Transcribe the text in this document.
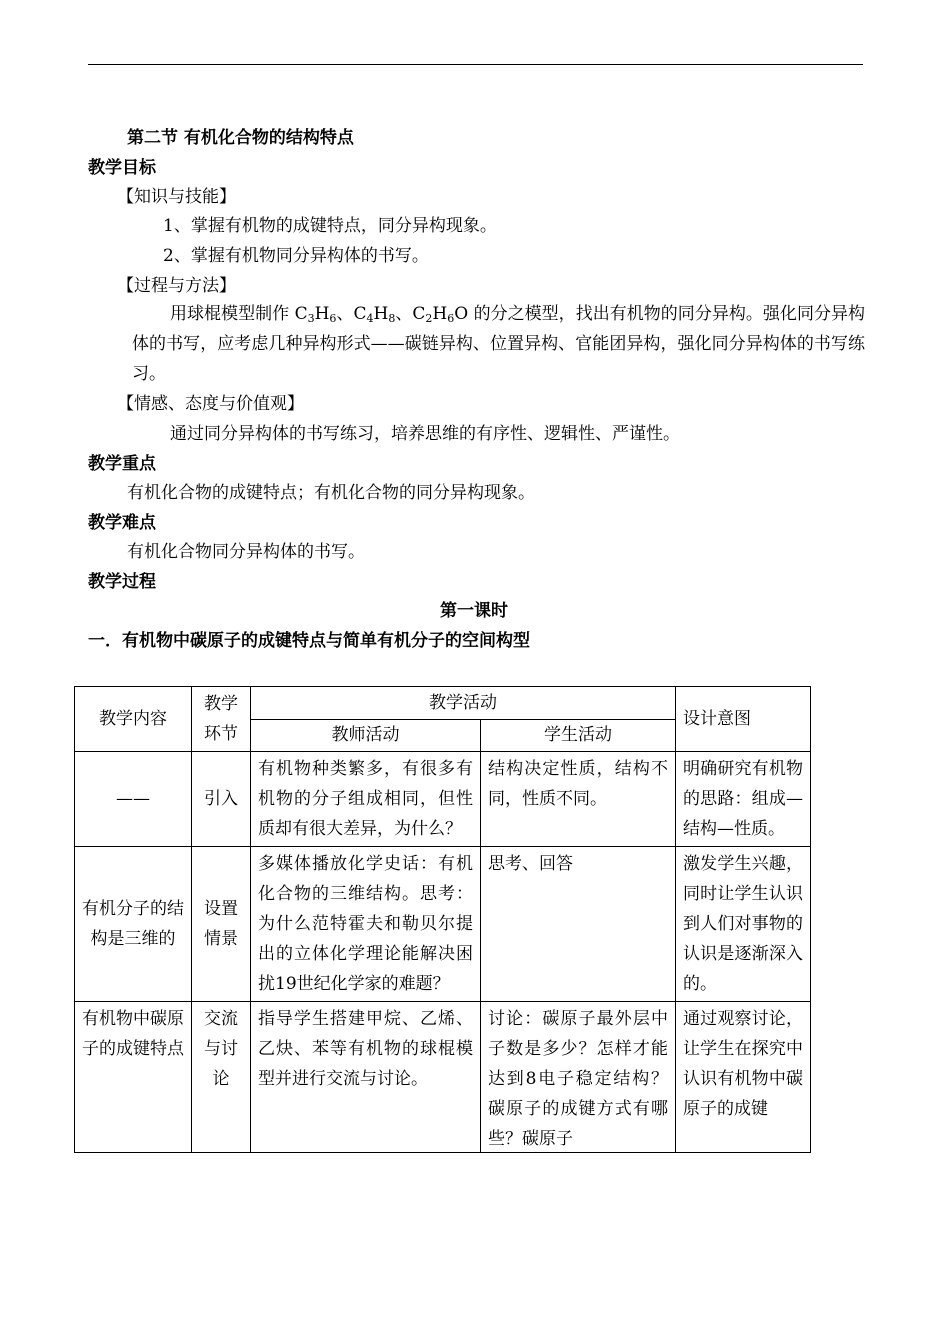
第二节 有机化合物的结构特点
教学目标
【知识与技能】
1、掌握有机物的成键特点，同分异构现象。
2、掌握有机物同分异构体的书写。
【过程与方法】

用球棍模型制作 $C_3H_6$、$C_4H_8$、$C_2H_6O$ 的分之模型，找出有机物的同分异构。强化同分异构体的书写，应考虑几种异构形式——碳链异构、位置异构、官能团异构，强化同分异构体的书写练习。

【情感、态度与价值观】
通过同分异构体的书写练习，培养思维的有序性、逻辑性、严谨性。
教学重点
有机化合物的成键特点；有机化合物的同分异构现象。
教学难点
有机化合物同分异构体的书写。
教学过程
第一课时
一．有机物中碳原子的成键特点与简单有机分子的空间构型
教学内容	教学环节	教学活动		设计意图
		教师活动	学生活动	
——	引入	有机物种类繁多，有很多有机物的分子组成相同，但性质却有很大差异，为什么？	结构决定性质，结构不同，性质不同。	明确研究有机物的思路：组成—结构—性质。
有机分子的结构是三维的	设置情景	多媒体播放化学史话：有机化合物的三维结构。思考：为什么范特霍夫和勒贝尔提出的立体化学理论能解决困扰19世纪化学家的难题？	思考、回答	激发学生兴趣，同时让学生认识到人们对事物的认识是逐渐深入的。
有机物中碳原子的成键特点	交流与讨论	指导学生搭建甲烷、乙烯、 乙炔、苯等有机物的球棍模型并进行交流与讨论。	讨论：碳原子最外层中子数是多少？怎样才能达到8电子稳定结构？碳原子的成键方式有哪些？碳原子	通过观察讨论，让学生在探究中认识有机物中碳原子的成键
